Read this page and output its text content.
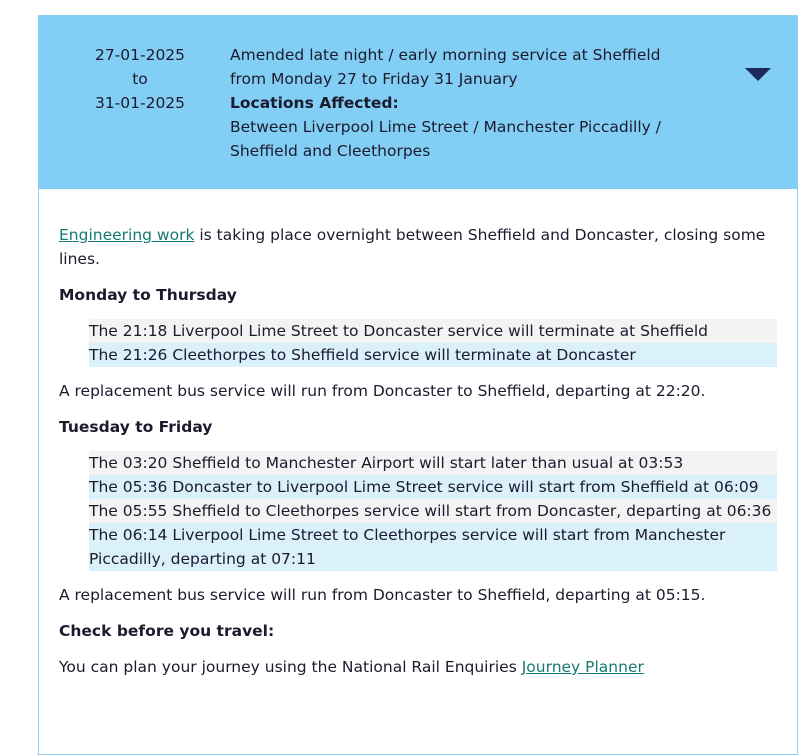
27-01-2025
to
31-01-2025
Amended late night / early morning service at Sheffield
from Monday 27 to Friday 31 January
Locations Affected:
Between Liverpool Lime Street / Manchester Piccadilly /
Sheffield and Cleethorpes

Engineering work is taking place overnight between Sheffield and Doncaster, closing some lines.

Monday to Thursday

The 21:18 Liverpool Lime Street to Doncaster service will terminate at Sheffield
The 21:26 Cleethorpes to Sheffield service will terminate at Doncaster

A replacement bus service will run from Doncaster to Sheffield, departing at 22:20.

Tuesday to Friday

The 03:20 Sheffield to Manchester Airport will start later than usual at 03:53
The 05:36 Doncaster to Liverpool Lime Street service will start from Sheffield at 06:09
The 05:55 Sheffield to Cleethorpes service will start from Doncaster, departing at 06:36
The 06:14 Liverpool Lime Street to Cleethorpes service will start from Manchester Piccadilly, departing at 07:11

A replacement bus service will run from Doncaster to Sheffield, departing at 05:15.

Check before you travel:

You can plan your journey using the National Rail Enquiries Journey Planner
